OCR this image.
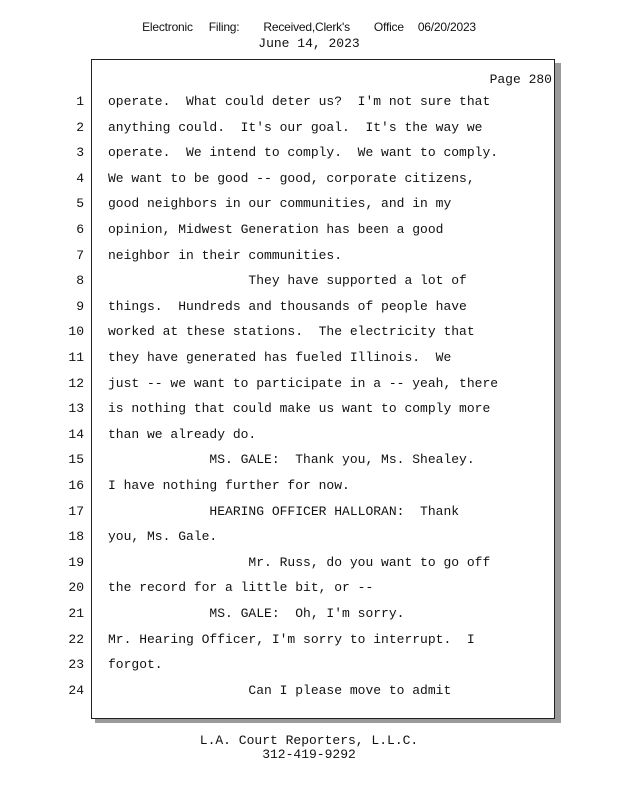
Electronic Filing: Received,Clerk's Office 06/20/2023
June 14, 2023
Page 280
1 operate.  What could deter us?  I'm not sure that
2 anything could.  It's our goal.  It's the way we
3 operate.  We intend to comply.  We want to comply.
4 We want to be good -- good, corporate citizens,
5 good neighbors in our communities, and in my
6 opinion, Midwest Generation has been a good
7 neighbor in their communities.
8 They have supported a lot of
9 things.  Hundreds and thousands of people have
10 worked at these stations.  The electricity that
11 they have generated has fueled Illinois.  We
12 just -- we want to participate in a -- yeah, there
13 is nothing that could make us want to comply more
14 than we already do.
15 MS. GALE:  Thank you, Ms. Shealey.
16 I have nothing further for now.
17 HEARING OFFICER HALLORAN:  Thank
18 you, Ms. Gale.
19 Mr. Russ, do you want to go off
20 the record for a little bit, or --
21 MS. GALE:  Oh, I'm sorry.
22 Mr. Hearing Officer, I'm sorry to interrupt.  I
23 forgot.
24 Can I please move to admit
L.A. Court Reporters, L.L.C.
312-419-9292
